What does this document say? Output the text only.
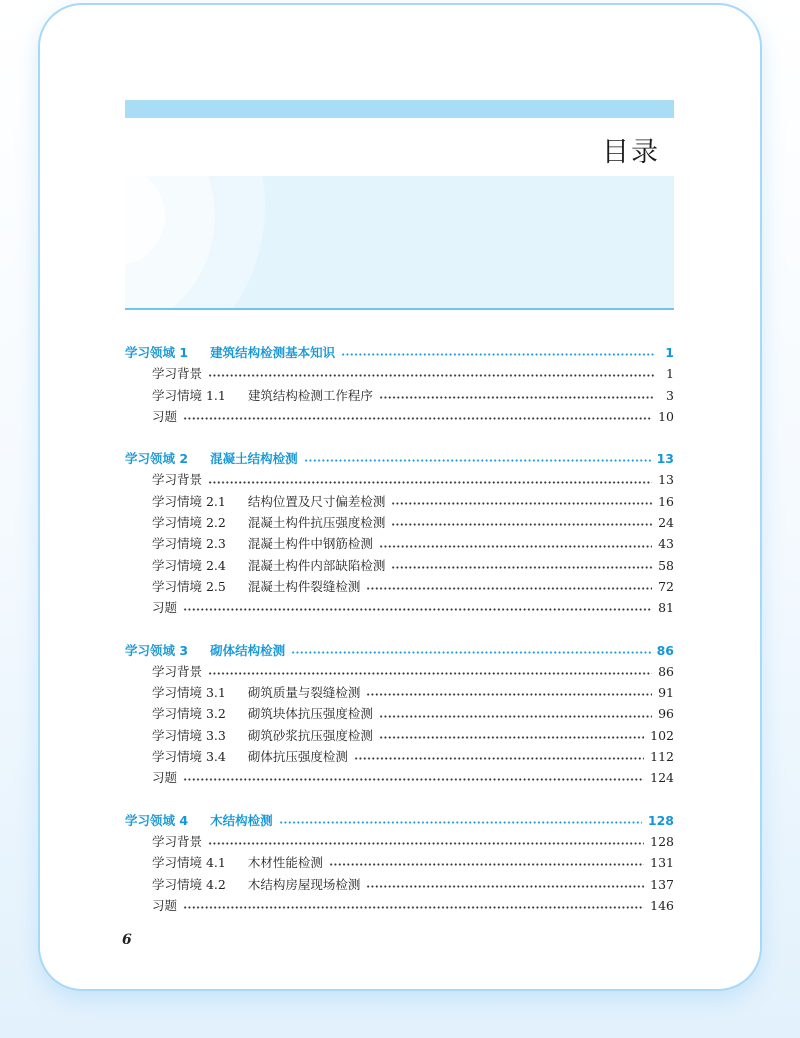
目录
学习领域 1 建筑结构检测基本知识	1
学习背景	1
学习情境 1.1 建筑结构检测工作程序	3
习题	10
学习领域 2 混凝土结构检测	13
学习背景	13
学习情境 2.1 结构位置及尺寸偏差检测	16
学习情境 2.2 混凝土构件抗压强度检测	24
学习情境 2.3 混凝土构件中钢筋检测	43
学习情境 2.4 混凝土构件内部缺陷检测	58
学习情境 2.5 混凝土构件裂缝检测	72
习题	81
学习领域 3 砌体结构检测	86
学习背景	86
学习情境 3.1 砌筑质量与裂缝检测	91
学习情境 3.2 砌筑块体抗压强度检测	96
学习情境 3.3 砌筑砂浆抗压强度检测	102
学习情境 3.4 砌体抗压强度检测	112
习题	124
学习领域 4 木结构检测	128
学习背景	128
学习情境 4.1 木材性能检测	131
学习情境 4.2 木结构房屋现场检测	137
习题	146
6
